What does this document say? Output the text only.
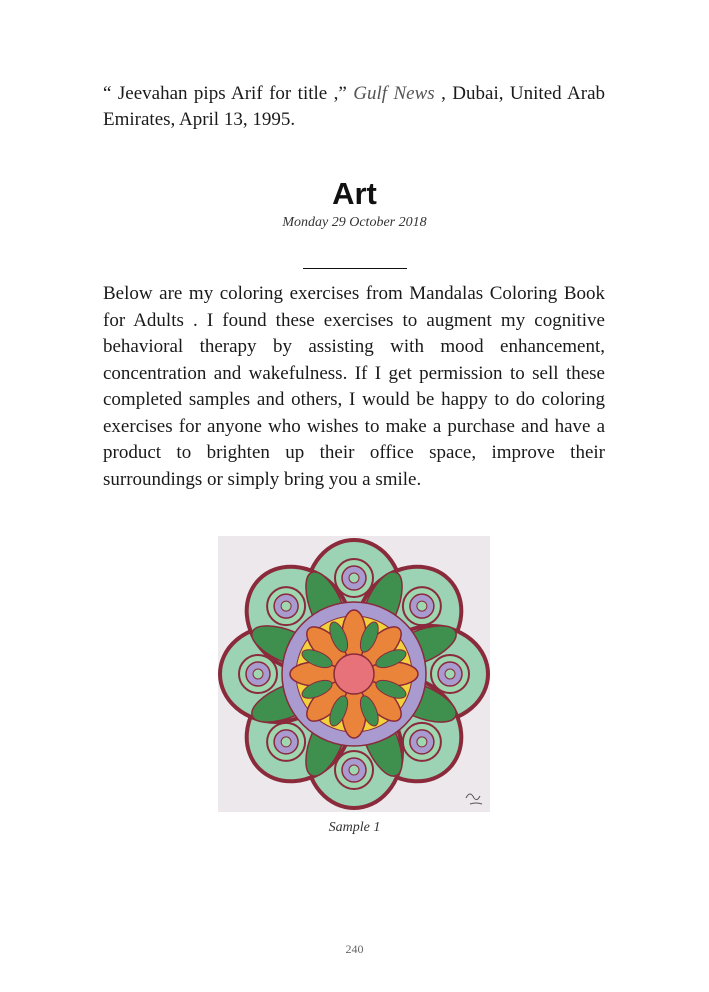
“ Jeevahan pips Arif for title ,” Gulf News , Dubai, United Arab Emirates, April 13, 1995.

Art
Monday 29 October 2018

Below are my coloring exercises from Mandalas Coloring Book for Adults . I found these exercises to augment my cognitive behavioral therapy by assisting with mood enhancement, concentration and wakefulness. If I get permission to sell these completed samples and others, I would be happy to do coloring exercises for anyone who wishes to make a purchase and have a product to brighten up their office space, improve their surroundings or simply bring you a smile.

Sample 1
240
